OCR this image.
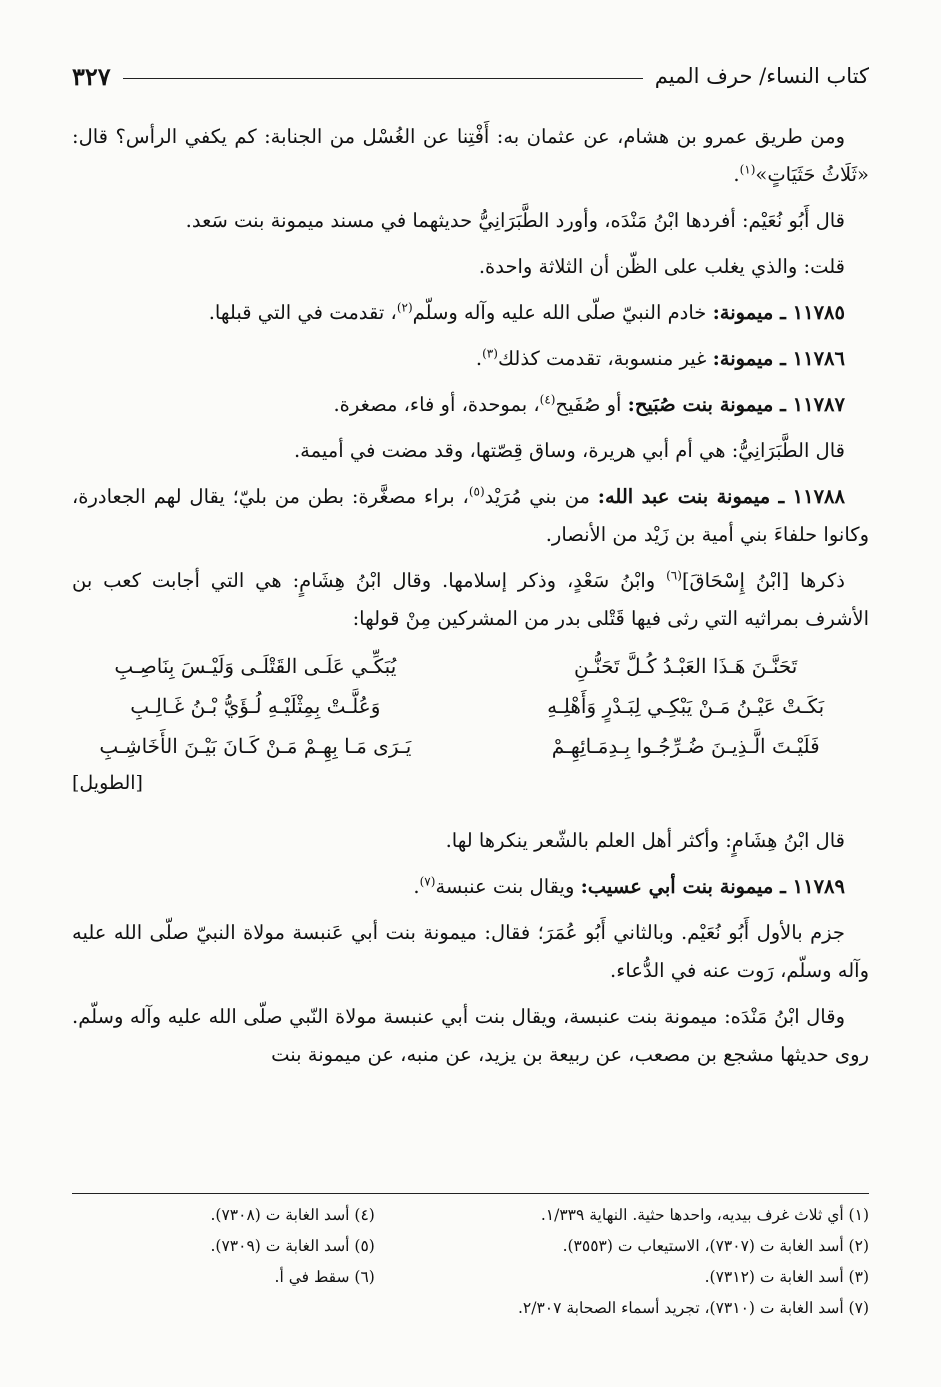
كتاب النساء/ حرف الميم
٣٢٧

ومن طريق عمرو بن هشام، عن عثمان به: أَفْتِنا عن الغُسْل من الجنابة: كم يكفي الرأس؟ قال: «ثَلَاثُ حَثَيَاتٍ»$^{(١)}$.

قال أَبُو نُعَيْم: أفردها ابْنُ مَنْدَه، وأورد الطَّبَرَانِيُّ حديثهما في مسند ميمونة بنت سَعد.

قلت: والذي يغلب على الظّن أن الثلاثة واحدة.

١١٧٨٥ ـ ميمونة: خادم النبيّ صلّى الله عليه وآله وسلّم$^{(٢)}$، تقدمت في التي قبلها.

١١٧٨٦ ـ ميمونة: غير منسوبة، تقدمت كذلك$^{(٣)}$.

١١٧٨٧ ـ ميمونة بنت صُبَيح: أو صُفَيح$^{(٤)}$، بموحدة، أو فاء، مصغرة.

قال الطَّبَرَانِيُّ: هي أم أبي هريرة، وساق قِصّتها، وقد مضت في أميمة.

١١٧٨٨ ـ ميمونة بنت عبد الله: من بني مُرَيْد$^{(٥)}$، براء مصغَّرة: بطن من بليّ؛ يقال لهم الجعادرة، وكانوا حلفاءَ بني أمية بن زَيْد من الأنصار.

ذكرها [ابْنُ إِسْحَاقَ]$^{(٦)}$ وابْنُ سَعْدٍ، وذكر إسلامها. وقال ابْنُ هِشَامٍ: هي التي أجابت كعب بن الأشرف بمراثيه التي رثى فيها قَتْلى بدر من المشركين مِنْ قولها:

تَحَنَّـنَ هَـذَا العَبْـدُ كُـلَّ تَحَنُّـنِ
يُبَكِّـي عَلَـى القَتْلَـى وَلَيْـسَ بِنَاصِـبِ
بَكَـتْ عَيْـنُ مَـنْ يَبْكِـي لِبَـدْرٍ وَأَهْلِـهِ
وَعُلَّـتْ بِمِثْلَيْـهِ لُـؤَيُّ بْـنُ غَـالِـبِ
فَلَيْـتَ الَّـذِيـنَ ضُـرِّجُـوا بِـدِمَـائِهِـمْ
يَـرَى مَـا بِهِـمْ مَـنْ كَـانَ بَيْـنَ الأَخَاشِـبِ
[الطويل]

قال ابْنُ هِشَامٍ: وأكثر أهل العلم بالشّعر ينكرها لها.

١١٧٨٩ ـ ميمونة بنت أبي عسيب: ويقال بنت عنبسة$^{(٧)}$.

جزم بالأول أَبُو نُعَيْم. وبالثاني أَبُو عُمَرَ؛ فقال: ميمونة بنت أبي عَنبسة مولاة النبيّ صلّى الله عليه وآله وسلّم، رَوت عنه في الدُّعاء.

وقال ابْنُ مَنْدَه: ميمونة بنت عنبسة، ويقال بنت أبي عنبسة مولاة النّبي صلّى الله عليه وآله وسلّم. روى حديثها مشجع بن مصعب، عن ربيعة بن يزيد، عن منبه، عن ميمونة بنت

(١) أي ثلاث غرف بيديه، واحدها حثية. النهاية ١/٣٣٩.

(٢) أسد الغابة ت (٧٣٠٧)، الاستيعاب ت (٣٥٥٣).

(٣) أسد الغابة ت (٧٣١٢).

(٧) أسد الغابة ت (٧٣١٠)، تجريد أسماء الصحابة ٢/٣٠٧.

(٤) أسد الغابة ت (٧٣٠٨).

(٥) أسد الغابة ت (٧٣٠٩).

(٦) سقط في أ.
